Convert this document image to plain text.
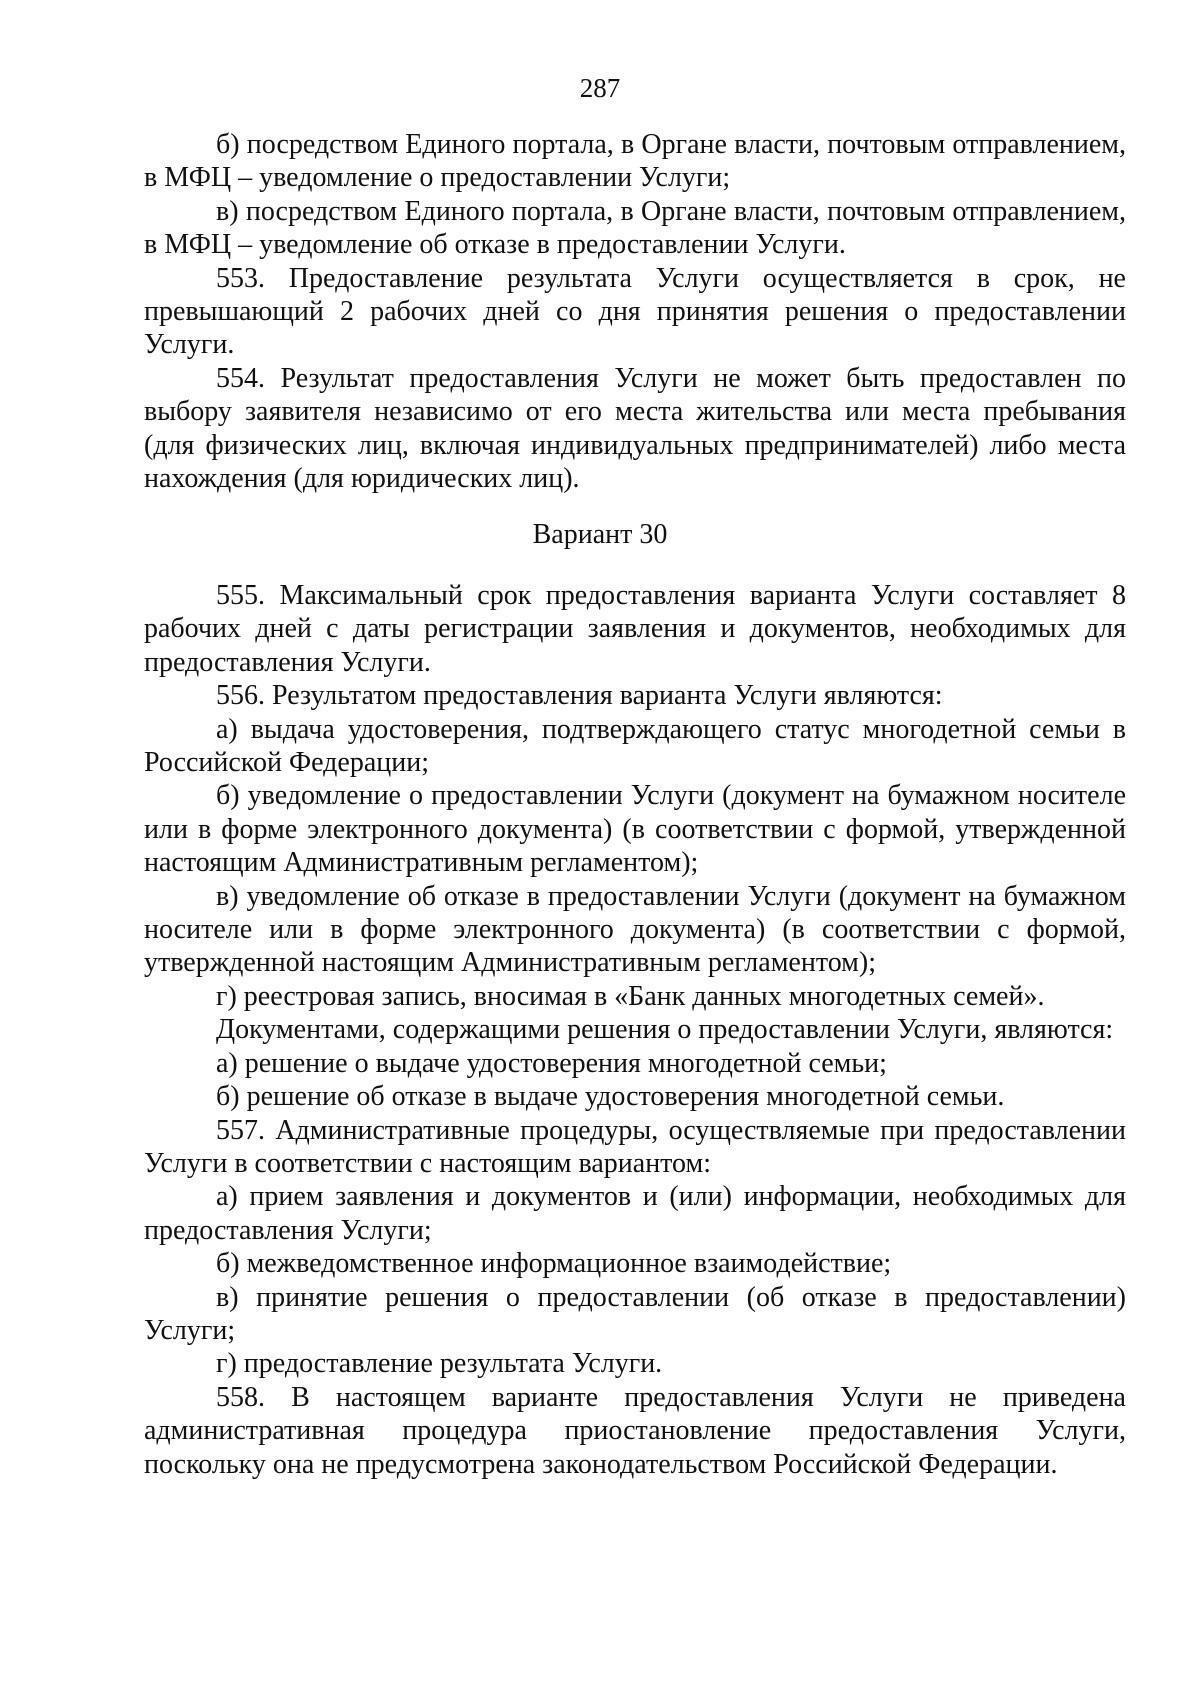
287

б) посредством Единого портала, в Органе власти, почтовым отправлением, в МФЦ – уведомление о предоставлении Услуги;

в) посредством Единого портала, в Органе власти, почтовым отправлением, в МФЦ – уведомление об отказе в предоставлении Услуги.

553. Предоставление результата Услуги осуществляется в срок, не превышающий 2 рабочих дней со дня принятия решения о предоставлении Услуги.

554. Результат предоставления Услуги не может быть предоставлен по выбору заявителя независимо от его места жительства или места пребывания (для физических лиц, включая индивидуальных предпринимателей) либо места нахождения (для юридических лиц).

Вариант 30

555. Максимальный срок предоставления варианта Услуги составляет 8 рабочих дней с даты регистрации заявления и документов, необходимых для предоставления Услуги.

556. Результатом предоставления варианта Услуги являются:

а) выдача удостоверения, подтверждающего статус многодетной семьи в Российской Федерации;

б) уведомление о предоставлении Услуги (документ на бумажном носителе или в форме электронного документа) (в соответствии с формой, утвержденной настоящим Административным регламентом);

в) уведомление об отказе в предоставлении Услуги (документ на бумажном носителе или в форме электронного документа) (в соответствии с формой, утвержденной настоящим Административным регламентом);

г) реестровая запись, вносимая в «Банк данных многодетных семей».

Документами, содержащими решения о предоставлении Услуги, являются:

а) решение о выдаче удостоверения многодетной семьи;

б) решение об отказе в выдаче удостоверения многодетной семьи.

557. Административные процедуры, осуществляемые при предоставлении Услуги в соответствии с настоящим вариантом:

а) прием заявления и документов и (или) информации, необходимых для предоставления Услуги;

б) межведомственное информационное взаимодействие;

в) принятие решения о предоставлении (об отказе в предоставлении) Услуги;

г) предоставление результата Услуги.

558. В настоящем варианте предоставления Услуги не приведена административная процедура приостановление предоставления Услуги, поскольку она не предусмотрена законодательством Российской Федерации.
